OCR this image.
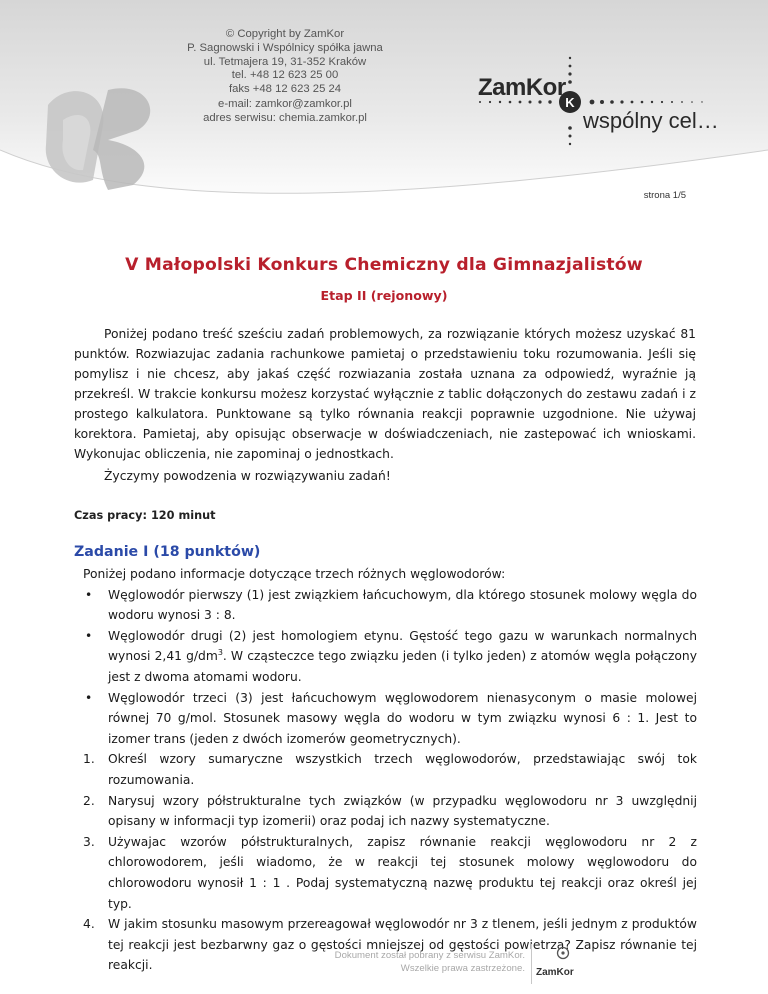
© Copyright by ZamKor
P. Sagnowski i Wspólnicy spółka jawna
ul. Tetmajera 19, 31-352 Kraków
tel. +48 12 623 25 00
faks +48 12 623 25 24
e-mail: zamkor@zamkor.pl
adres serwisu: chemia.zamkor.pl
K
ZamKor
wspólny cel…
strona 1/5
V Małopolski Konkurs Chemiczny dla Gimnazjalistów
Etap II (rejonowy)
Poniżej podano treść sześciu zadań problemowych, za rozwiązanie których możesz uzyskać 81 punktów. Rozwiazujac zadania rachunkowe pamietaj o przedstawieniu toku rozumowania. Jeśli się pomylisz i nie chcesz, aby jakaś część rozwiazania została uznana za odpowiedź, wyraźnie ją przekreśl. W trakcie konkursu możesz korzystać wyłącznie z tablic dołączonych do zestawu zadań i z prostego kalkulatora. Punktowane są tylko równania reakcji poprawnie uzgodnione. Nie używaj korektora. Pamietaj, aby opisując obserwacje w doświadczeniach, nie zastepować ich wnioskami. Wykonujac obliczenia, nie zapominaj o jednostkach.
Życzymy powodzenia w rozwiązywaniu zadań!
Czas pracy: 120 minut
Zadanie I (18 punktów)

Poniżej podano informacje dotyczące trzech różnych węglowodorów:

• Węglowodór pierwszy (1) jest związkiem łańcuchowym, dla którego stosunek molowy węgla do wodoru wynosi 3 : 8.

• Węglowodór drugi (2) jest homologiem etynu. Gęstość tego gazu w warunkach normalnych wynosi 2,41 $g/dm^3$. W cząsteczce tego związku jeden (i tylko jeden) z atomów węgla połączony jest z dwoma atomami wodoru.

• Węglowodór trzeci (3) jest łańcuchowym węglowodorem nienasyconym o masie molowej równej 70 g/mol. Stosunek masowy węgla do wodoru w tym związku wynosi 6 : 1. Jest to izomer trans (jeden z dwóch izomerów geometrycznych).

1. Określ wzory sumaryczne wszystkich trzech węglowodorów, przedstawiając swój tok rozumowania.

2. Narysuj wzory półstrukturalne tych związków (w przypadku węglowodoru nr 3 uwzględnij opisany w informacji typ izomerii) oraz podaj ich nazwy systematyczne.

3. Używajac wzorów półstrukturalnych, zapisz równanie reakcji węglowodoru nr 2 z chlorowodorem, jeśli wiadomo, że w reakcji tej stosunek molowy węglowodoru do chlorowodoru wynosił 1 : 1 . Podaj systematyczną nazwę produktu tej reakcji oraz określ jej typ.

4. W jakim stosunku masowym przereagował węglowodór nr 3 z tlenem, jeśli jednym z produktów tej reakcji jest bezbarwny gaz o gęstości mniejszej od gęstości powietrza? Zapisz równanie tej reakcji.

Dokument został pobrany z serwisu ZamKor.
Wszelkie prawa zastrzeżone. ZamKor
